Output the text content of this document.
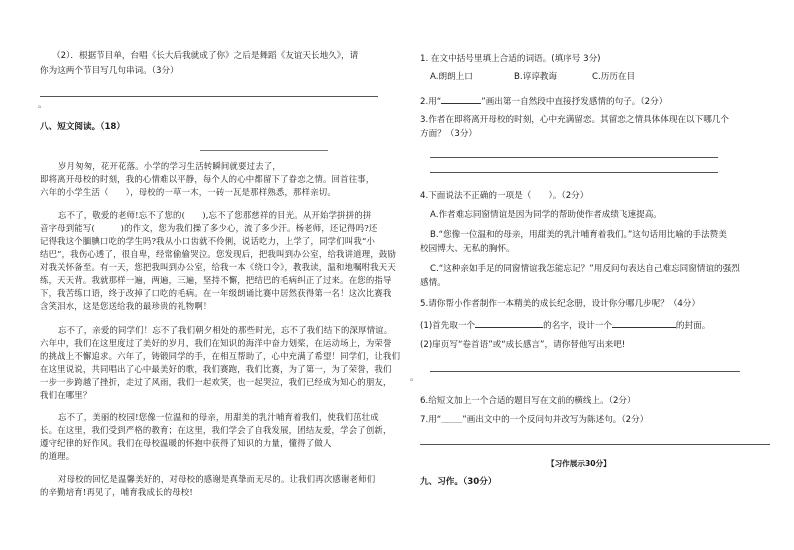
（2）．根据节目单，台唱《长大后我就成了你》之后是舞蹈《友谊天长地久》，请
你为这两个节目写几句串词。（3分）
。
八、短文阅读。（18）
岁月匆匆，花开花落。小学的学习生活转瞬间就要过去了，
即将离开母校的时刻，我的心情难以平静，每个人的心中都留下了眷恋之情。回首往事，
六年的小学生活（　　），母校的一草一木，一砖一瓦是那样熟悉，那样亲切。
忘不了，敬爱的老师!忘不了您的(　　),忘不了您那慈祥的目光。从开始学拼拼的拼
音字母到能写(　　　)的作文，您为我们操了多少心，流了多少汗。杨老师，还记得吗?还
记得我这个腼腆口吃的学生吗?我从小口齿就不伶俐，说话吃力，上学了，同学们叫我“小
结巴”，我伤心透了，很自卑，经常偷偷哭泣。您发现后，把我叫到办公室，给我讲道理，鼓励
对我关怀备至。有一天，您把我叫到办公室，给我一本《绕口令》，教我读，温和地嘱咐我天天
练，天天背。我就那样一遍，两遍，三遍，坚持不懈，把结巴的毛病纠正了过来。在您的指导
下，我苦练口语，终于改掉了口吃的毛病。在一年级朗诵比赛中居然获得第一名！这次比赛我
含笑泪水，这是您送给我的最珍贵的礼物啊！
忘不了，亲爱的同学们！忘不了我们朝夕相处的那些时光，忘不了我们结下的深厚情谊。
六年中，我们在这里度过了美好的岁月，我们在知识的海洋中奋力划桨，在运动场上，为荣誉
的挑战上不懈追求。六年了，铸锻同学的手，在相互帮助了，心中充满了希望！同学们，让我们
在这里说说，共同唱出了心中最美好的歌，我们赛跑，我们比赛，为了第一，为了荣誉，我们
一步一步跨越了挫折，走过了风雨，我们一起欢笑，也一起哭泣，我们已经成为知心的朋友，
我们在哪里？
忘不了，美丽的校园!您像一位温和的母亲，用甜美的乳汁哺育着我们，使我们茁壮成
长。在这里，我们受到严格的教育；在这里，我们学会了自我发展，团结友爱，学会了创新，
遵守纪律的好作风。我们在母校温暖的怀抱中获得了知识的力量，懂得了做人
的道理。
对母校的回忆是温馨美好的，对母校的感谢是真挚而无尽的。让我们再次感谢老师们
的辛勤培育!再见了，哺育我成长的母校!
1. 在文中括号里填上合适的词语。(填序号 3分)
A.朗朗上口	B.谆谆教诲	C.历历在目
2.用“	”画出第一自然段中直接抒发感情的句子。（2分）
3.作者在即将离开母校的时刻，心中充满留恋。其留恋之情具体体现在以下哪几个
方面？（3分）
4.下面说法不正确的一项是（　　）。（2分）
A.作者难忘同窗情谊是因为同学的帮助使作者成绩飞速提高。
B.“您像一位温和的母亲，用甜美的乳汁哺育着我们。”这句话用比喻的手法赞美
校园博大、无私的胸怀。
C.“这种亲如手足的同窗情谊我怎能忘记？”用反问句表达自己难忘同窗情谊的强烈
感情。
5.请你帮小作者制作一本精美的成长纪念册，设计你分哪几步呢？（4分）
(1)首先取一个	的名字，设计一个	的封面。
(2)扉页写“卷首语”或“成长感言”，请你替他写出来吧!
。
6.给短文加上一个合适的题目写在文前的横线上。（2分）
7.用“﹏﹏﹏”画出文中的一个反问句并改写为陈述句。（2分）
【习作展示30分】
九、习作。（30分）
